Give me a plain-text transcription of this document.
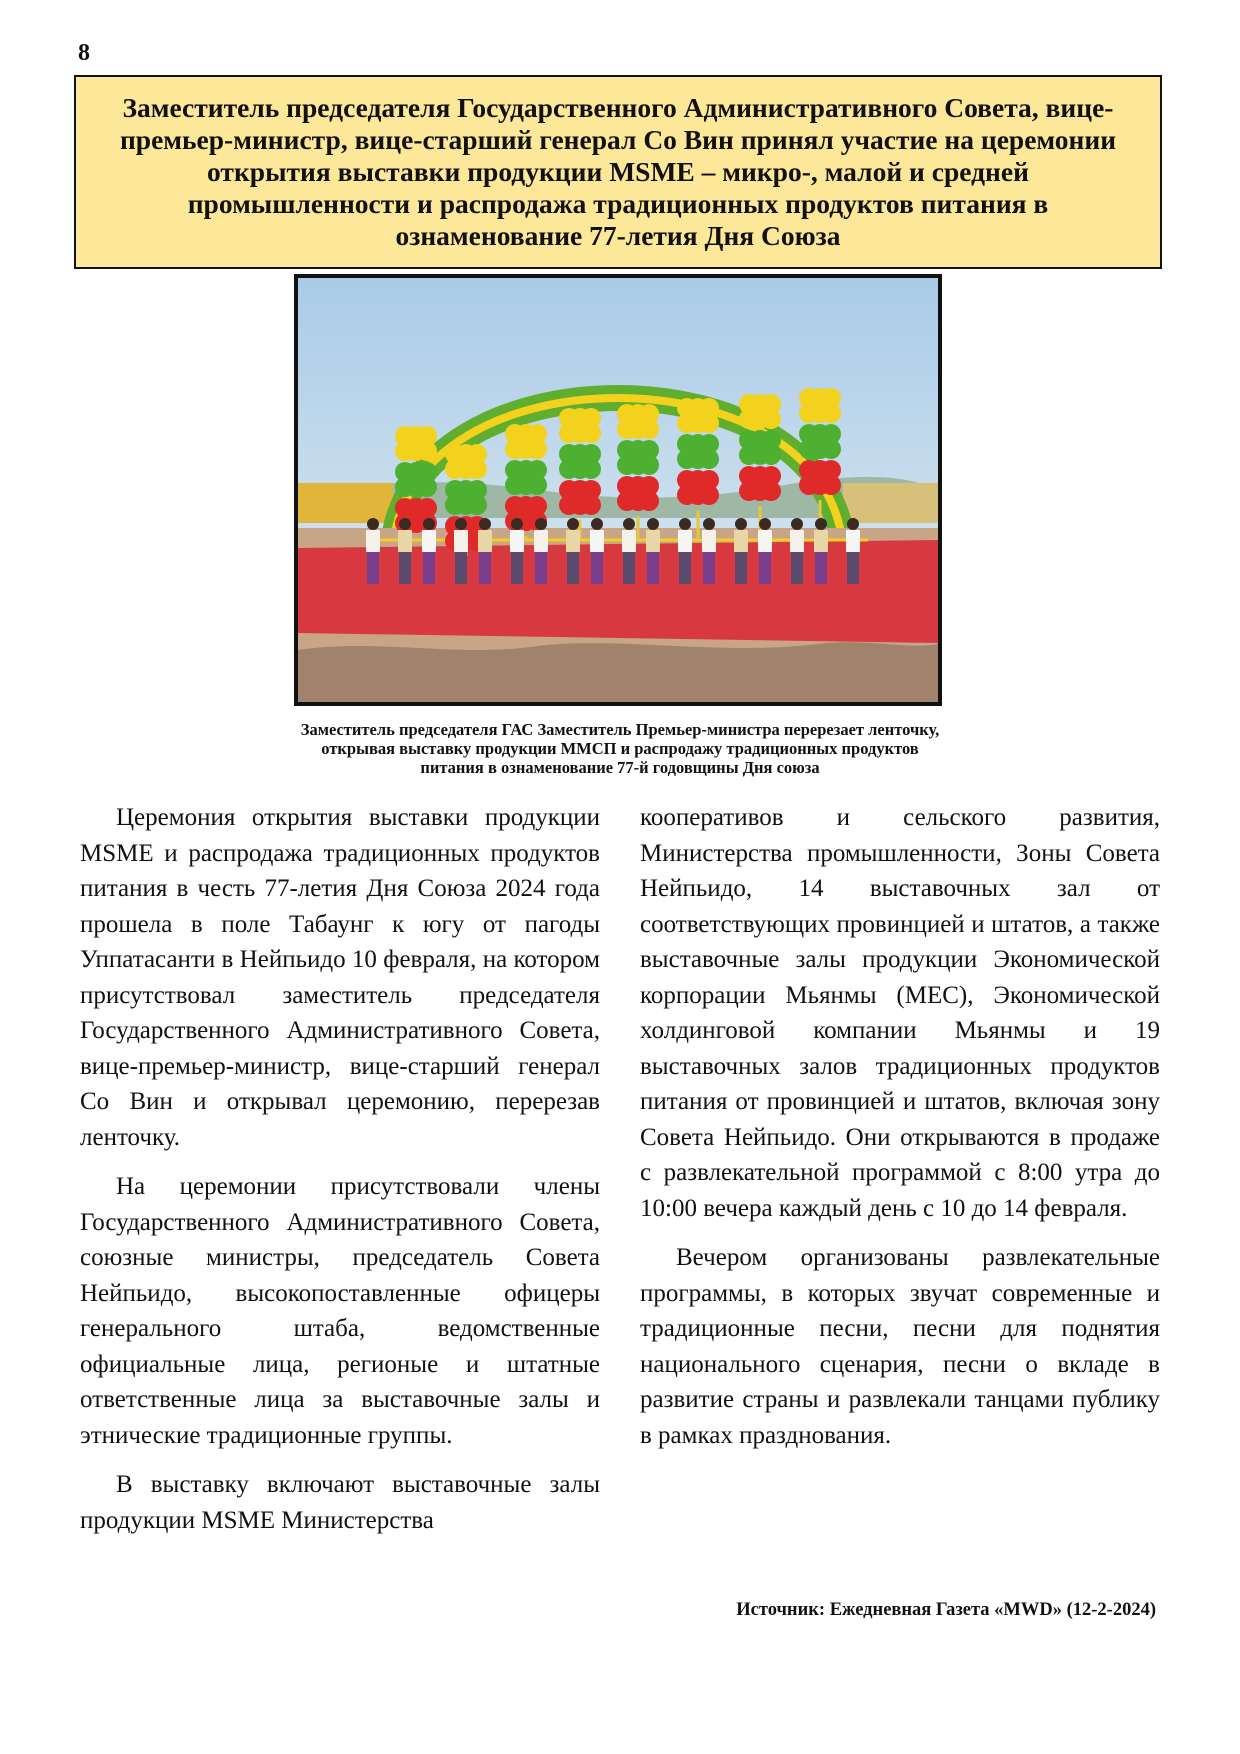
8
Заместитель председателя Государственного Административного Совета, вице-премьер-министр, вице-старший генерал Со Вин принял участие на церемонии открытия выставки продукции MSME – микро-, малой и средней промышленности и распродажа традиционных продуктов питания в ознаменование 77-летия Дня Союза
Заместитель председателя ГАС Заместитель Премьер-министра перерезает ленточку,
открывая выставку продукции ММСП и распродажу традиционных продуктов
питания в ознаменование 77-й годовщины Дня союза

Церемония открытия выставки продукции MSME и распродажа традиционных продуктов питания в честь 77-летия Дня Союза 2024 года прошела в поле Табаунг к югу от пагоды Уппатасанти в Нейпьидо 10 февраля, на котором присутствовал заместитель председателя Государственного Административного Совета, вице-премьер-министр, вице-старший генерал Со Вин и открывал церемонию, перерезав ленточку.

На церемонии присутствовали члены Государственного Административного Совета, союзные министры, председатель Совета Нейпьидо, высокопоставленные офицеры генерального штаба, ведомственные официальные лица, регионые и штатные ответственные лица за выставочные залы и этнические традиционные группы.

В выставку включают выставочные залы продукции MSME Министерства

кооперативов и сельского развития, Министерства промышленности, Зоны Совета Нейпьидо, 14 выставочных зал от соответствующих провинцией и штатов, а также выставочные залы продукции Экономической корпорации Мьянмы (MEC), Экономической холдинговой компании Мьянмы и 19 выставочных залов традиционных продуктов питания от провинцией и штатов, включая зону Совета Нейпьидо. Они открываются в продаже с развлекательной программой с 8:00 утра до 10:00 вечера каждый день с 10 до 14 февраля.

Вечером организованы развлекательные программы, в которых звучат современные и традиционные песни, песни для поднятия национального сценария, песни о вкладе в развитие страны и развлекали танцами публику в рамках празднования.

Источник: Ежедневная Газета «MWD» (12-2-2024)
